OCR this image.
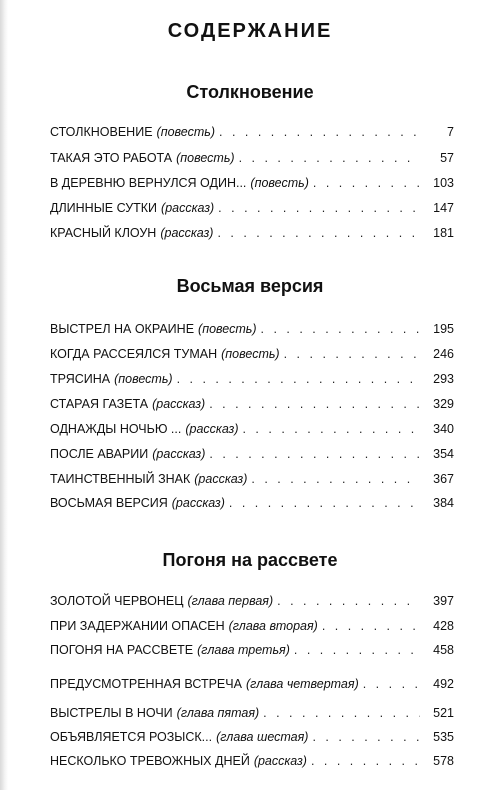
СОДЕРЖАНИЕ
Столкновение
СТОЛКНОВЕНИЕ (повесть) . . .	7
ТАКАЯ ЭТО РАБОТА (повесть) . . .	57
В ДЕРЕВНЮ ВЕРНУЛСЯ ОДИН... (повесть) . . .	103
ДЛИННЫЕ СУТКИ (рассказ) . . .	147
КРАСНЫЙ КЛОУН (рассказ) . . .	181
Восьмая версия
ВЫСТРЕЛ НА ОКРАИНЕ (повесть) . . .	195
КОГДА РАССЕЯЛСЯ ТУМАН (повесть) . . .	246
ТРЯСИНА (повесть) . . .	293
СТАРАЯ ГАЗЕТА (рассказ) . . .	329
ОДНАЖДЫ НОЧЬЮ ... (рассказ) . . .	340
ПОСЛЕ АВАРИИ (рассказ) . . .	354
ТАИНСТВЕННЫЙ ЗНАК (рассказ) . . .	367
ВОСЬМАЯ ВЕРСИЯ (рассказ) . . .	384
Погоня на рассвете
ЗОЛОТОЙ ЧЕРВОНЕЦ (глава первая) . . .	397
ПРИ ЗАДЕРЖАНИИ ОПАСЕН (глава вторая) . . .	428
ПОГОНЯ НА РАССВЕТЕ (глава третья) . . .	458
ПРЕДУСМОТРЕННАЯ ВСТРЕЧА (глава четвертая) . . .	492
ВЫСТРЕЛЫ В НОЧИ (глава пятая) . . .	521
ОБЪЯВЛЯЕТСЯ РОЗЫСК... (глава шестая) . . .	535
НЕСКОЛЬКО ТРЕВОЖНЫХ ДНЕЙ (рассказ) . . .	578
